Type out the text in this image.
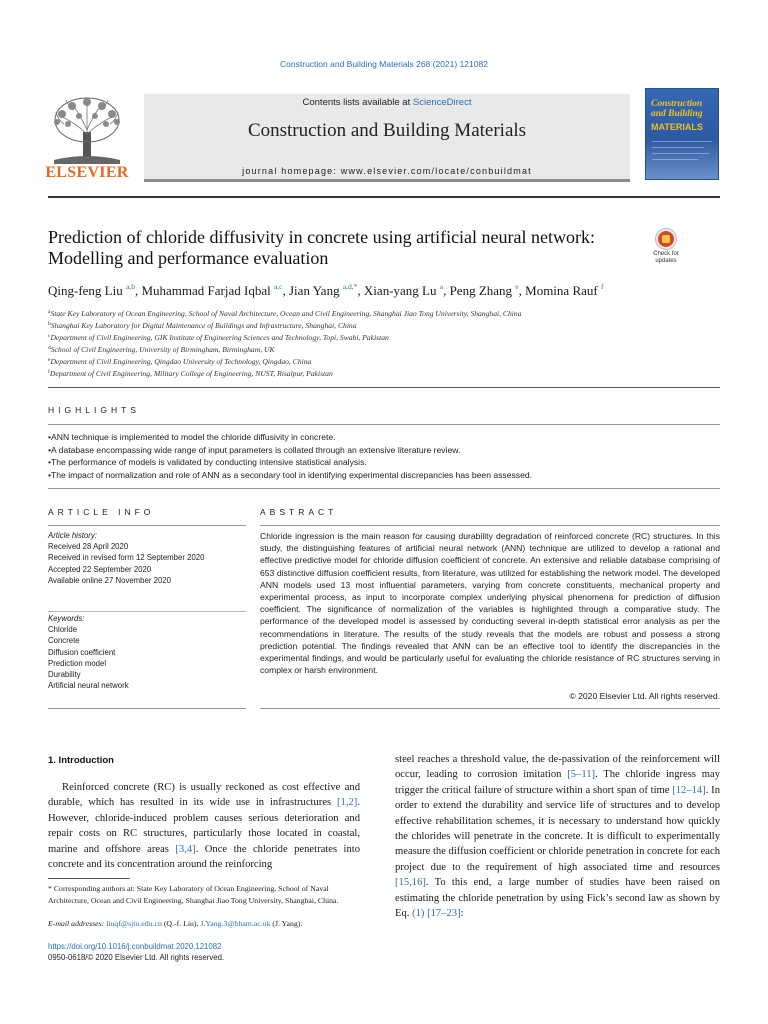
Construction and Building Materials 268 (2021) 121082
ELSEVIER
Contents lists available at ScienceDirect
Construction and Building Materials
journal homepage: www.elsevier.com/locate/conbuildmat
Construction and Building
MATERIALS
Prediction of chloride diffusivity in concrete using artificial neural network: Modelling and performance evaluation	Check for updates
Qing-feng Liu $^{a,b}$, Muhammad Farjad Iqbal $^{a,c}$, Jian Yang $^{a,d,*}$, Xian-yang Lu $^a$, Peng Zhang $^e$, Momina Rauf $^f$
$^a$State Key Laboratory of Ocean Engineering, School of Naval Architecture, Ocean and Civil Engineering, Shanghai Jiao Tong University, Shanghai, China
$^b$Shanghai Key Laboratory for Digital Maintenance of Buildings and Infrastructure, Shanghai, China
$^c$Department of Civil Engineering, GIK Institute of Engineering Sciences and Technology, Topi, Swabi, Pakistan
$^d$School of Civil Engineering, University of Birmingham, Birmingham, UK
$^e$Department of Civil Engineering, Qingdao University of Technology, Qingdao, China
$^f$Department of Civil Engineering, Military College of Engineering, NUST, Risalpur, Pakistan
HIGHLIGHTS
• ANN technique is implemented to model the chloride diffusivity in concrete.
• A database encompassing wide range of input parameters is collated through an extensive literature review.
• The performance of models is validated by conducting intensive statistical analysis.
• The impact of normalization and role of ANN as a secondary tool in identifying experimental discrepancies has been assessed.
ARTICLE INFO
Article history:
Received 28 April 2020
Received in revised form 12 September 2020
Accepted 22 September 2020
Available online 27 November 2020
Keywords:
Chloride
Concrete
Diffusion coefficient
Prediction model
Durability
Artificial neural network
ABSTRACT

Chloride ingression is the main reason for causing durability degradation of reinforced concrete (RC) structures. In this study, the distinguishing features of artificial neural network (ANN) technique are utilized to develop a rational and effective predictive model for chloride diffusion coefficient of concrete. An extensive and reliable database comprising of 653 distinctive diffusion coefficient results, from literature, was utilized for establishing the network model. The developed ANN models used 13 most influential parameters, varying from concrete constituents, mechanical property and experimental process, as input to incorporate complex underlying physical phenomena for prediction of diffusion coefficient. The significance of normalization of the variables is highlighted through a comparative study. The performance of the developed model is assessed by conducting several in-depth statistical error analysis as per the recommendations in literature. The results of the study reveals that the models are robust and possess a strong prediction potential. The findings revealed that ANN can be an effective tool to identify the discrepancies in the experimental findings, and would be particularly useful for evaluating the chloride resistance of RC structures serving in complex or harsh environment.

© 2020 Elsevier Ltd. All rights reserved.
1. Introduction

Reinforced concrete (RC) is usually reckoned as cost effective and durable, which has resulted in its wide use in infrastructures [1,2]. However, chloride-induced problem causes serious deterioration and repair costs on RC structures, particularly those located in coastal, marine and offshore areas [3,4]. Once the chloride penetrates into concrete and its concentration around the reinforcing

steel reaches a threshold value, the de-passivation of the reinforcement will occur, leading to corrosion imitation [5–11]. The chloride ingress may trigger the critical failure of structure within a short span of time [12–14]. In order to extend the durability and service life of structures and to develop effective rehabilitation schemes, it is necessary to understand how quickly the chlorides will penetrate in the concrete. It is difficult to experimentally measure the diffusion coefficient or chloride penetration in concrete for each project due to the requirement of high associated time and resources [15,16]. To this end, a large number of studies have been raised on estimating the chloride penetration by using Fick’s second law as shown by Eq. (1) [17–23]:

* Corresponding authors at: State Key Laboratory of Ocean Engineering, School of Naval Architecture, Ocean and Civil Engineering, Shanghai Jiao Tong University, Shanghai, China.
E-mail addresses: liuqf@sjtu.edu.cn (Q.-f. Liu), J.Yang.3@bham.ac.uk (J. Yang).
https://doi.org/10.1016/j.conbuildmat.2020.121082
0950-0618/© 2020 Elsevier Ltd. All rights reserved.
